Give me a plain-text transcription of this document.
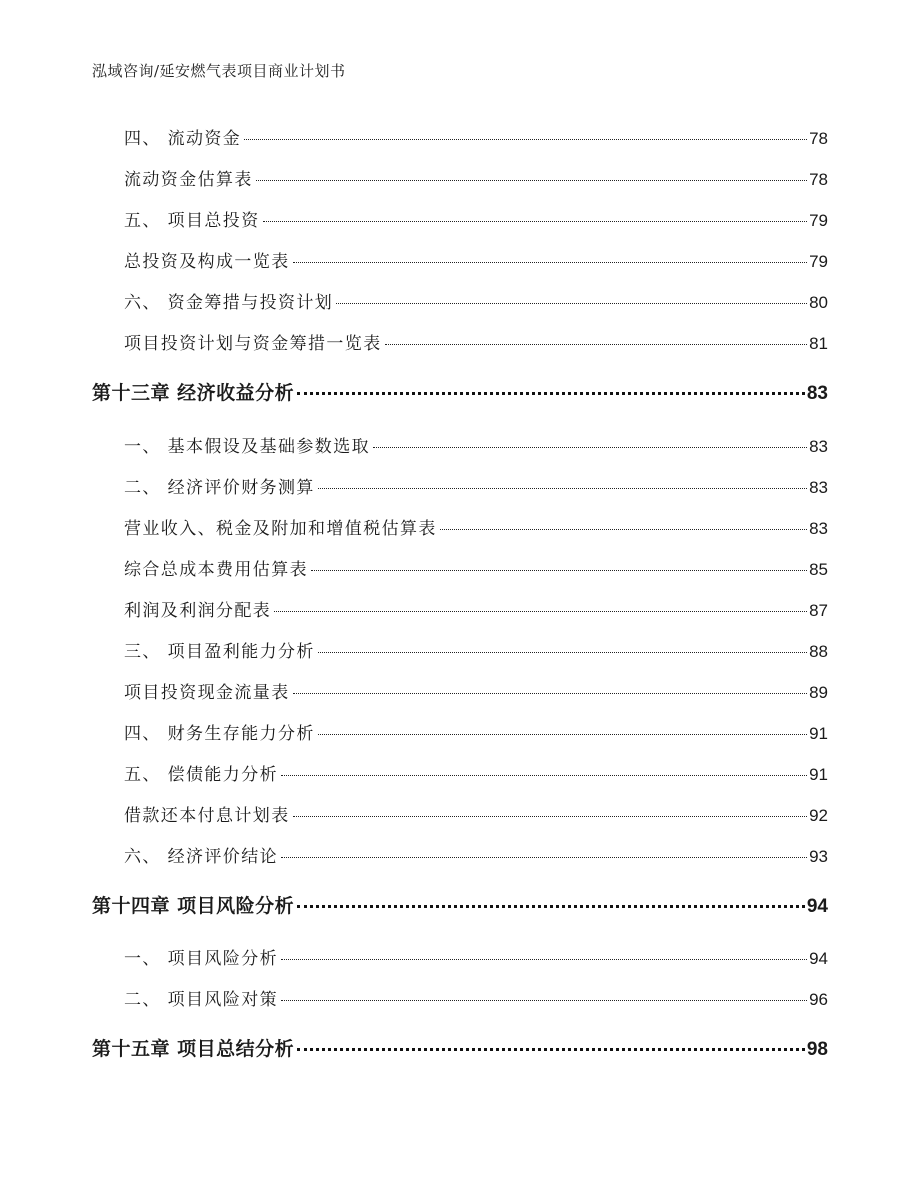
泓域咨询/延安燃气表项目商业计划书
四、 流动资金	78
流动资金估算表	78
五、 项目总投资	79
总投资及构成一览表	79
六、 资金筹措与投资计划	80
项目投资计划与资金筹措一览表	81
第十三章 经济收益分析	83
一、 基本假设及基础参数选取	83
二、 经济评价财务测算	83
营业收入、税金及附加和增值税估算表	83
综合总成本费用估算表	85
利润及利润分配表	87
三、 项目盈利能力分析	88
项目投资现金流量表	89
四、 财务生存能力分析	91
五、 偿债能力分析	91
借款还本付息计划表	92
六、 经济评价结论	93
第十四章 项目风险分析	94
一、 项目风险分析	94
二、 项目风险对策	96
第十五章 项目总结分析	98
